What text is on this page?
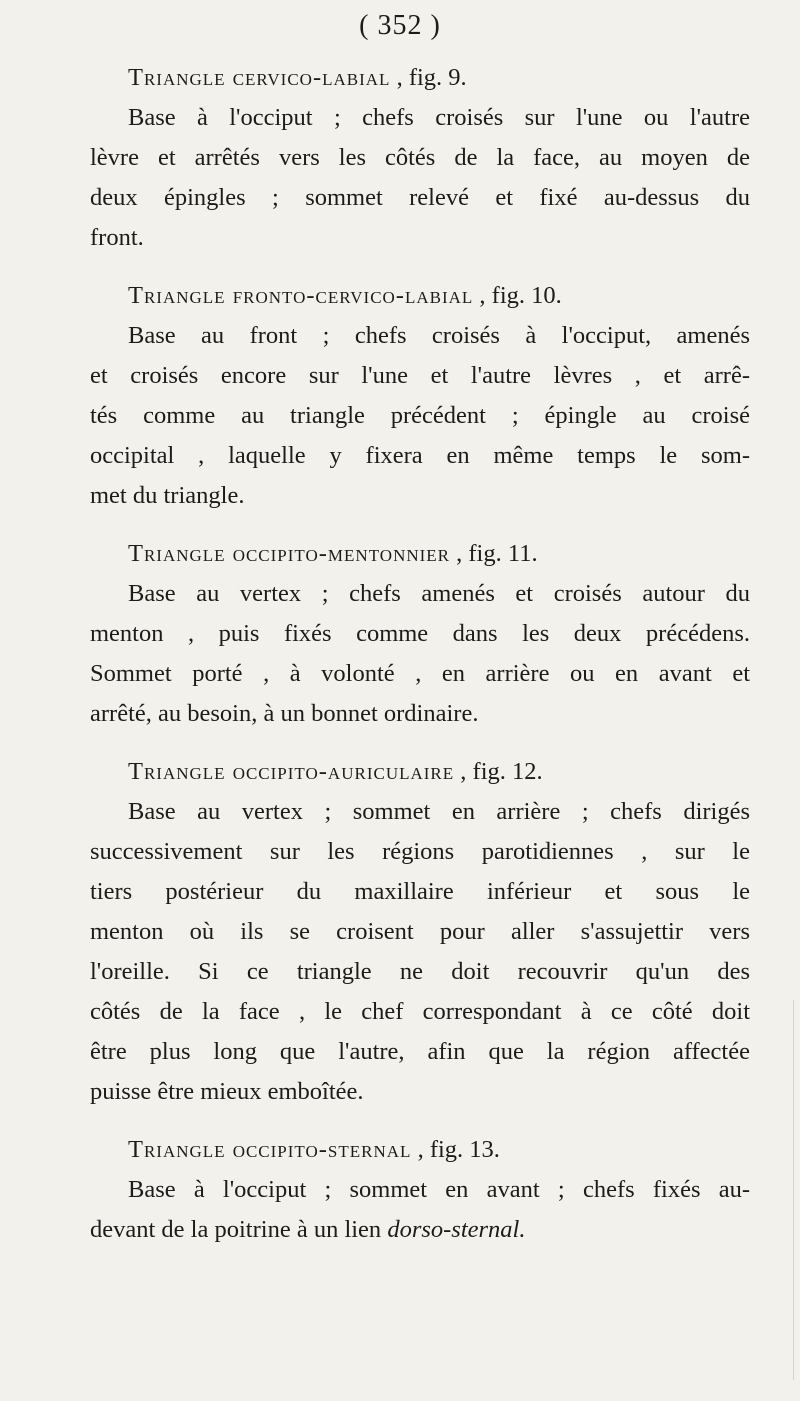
( 352 )
Triangle cervico-labial , fig. 9.
Base à l'occiput ; chefs croisés sur l'une ou l'autre
lèvre et arrêtés vers les côtés de la face, au moyen de
deux épingles ; sommet relevé et fixé au-dessus du
front.
Triangle fronto-cervico-labial , fig. 10.
Base au front ; chefs croisés à l'occiput, amenés
et croisés encore sur l'une et l'autre lèvres , et arrê-
tés comme au triangle précédent ; épingle au croisé
occipital , laquelle y fixera en même temps le som-
met du triangle.
Triangle occipito-mentonnier , fig. 11.
Base au vertex ; chefs amenés et croisés autour du
menton , puis fixés comme dans les deux précédens.
Sommet porté , à volonté , en arrière ou en avant et
arrêté, au besoin, à un bonnet ordinaire.
Triangle occipito-auriculaire , fig. 12.
Base au vertex ; sommet en arrière ; chefs dirigés
successivement sur les régions parotidiennes , sur le
tiers postérieur du maxillaire inférieur et sous le
menton où ils se croisent pour aller s'assujettir vers
l'oreille. Si ce triangle ne doit recouvrir qu'un des
côtés de la face , le chef correspondant à ce côté doit
être plus long que l'autre, afin que la région affectée
puisse être mieux emboîtée.
Triangle occipito-sternal , fig. 13.
Base à l'occiput ; sommet en avant ; chefs fixés au-
devant de la poitrine à un lien dorso-sternal.
